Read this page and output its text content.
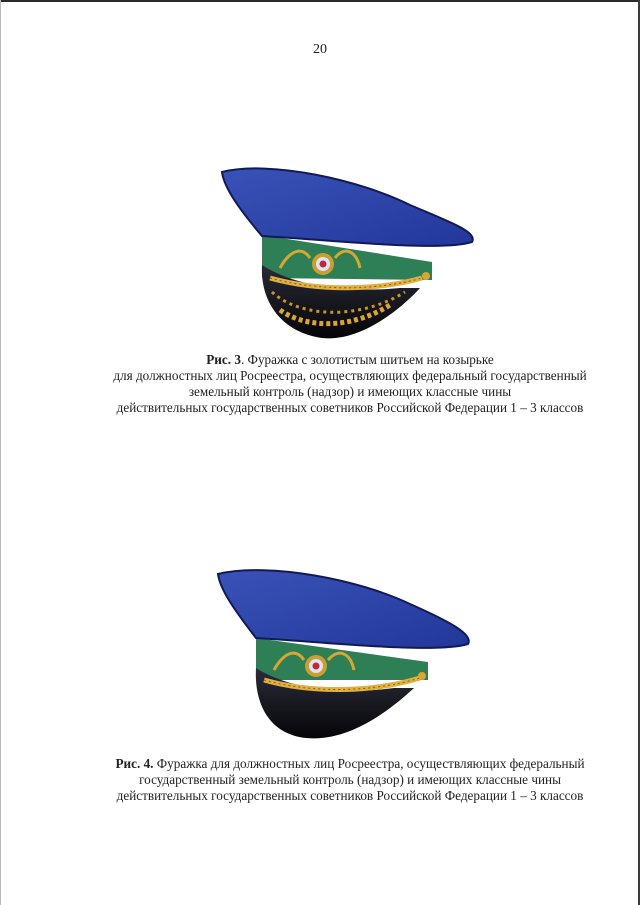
20
Рис. 3. Фуражка с золотистым шитьем на козырьке
для должностных лиц Росреестра, осуществляющих федеральный государственный
земельный контроль (надзор) и имеющих классные чины
действительных государственных советников Российской Федерации 1 – 3 классов
Рис. 4. Фуражка для должностных лиц Росреестра, осуществляющих федеральный
государственный земельный контроль (надзор) и имеющих классные чины
действительных государственных советников Российской Федерации 1 – 3 классов
